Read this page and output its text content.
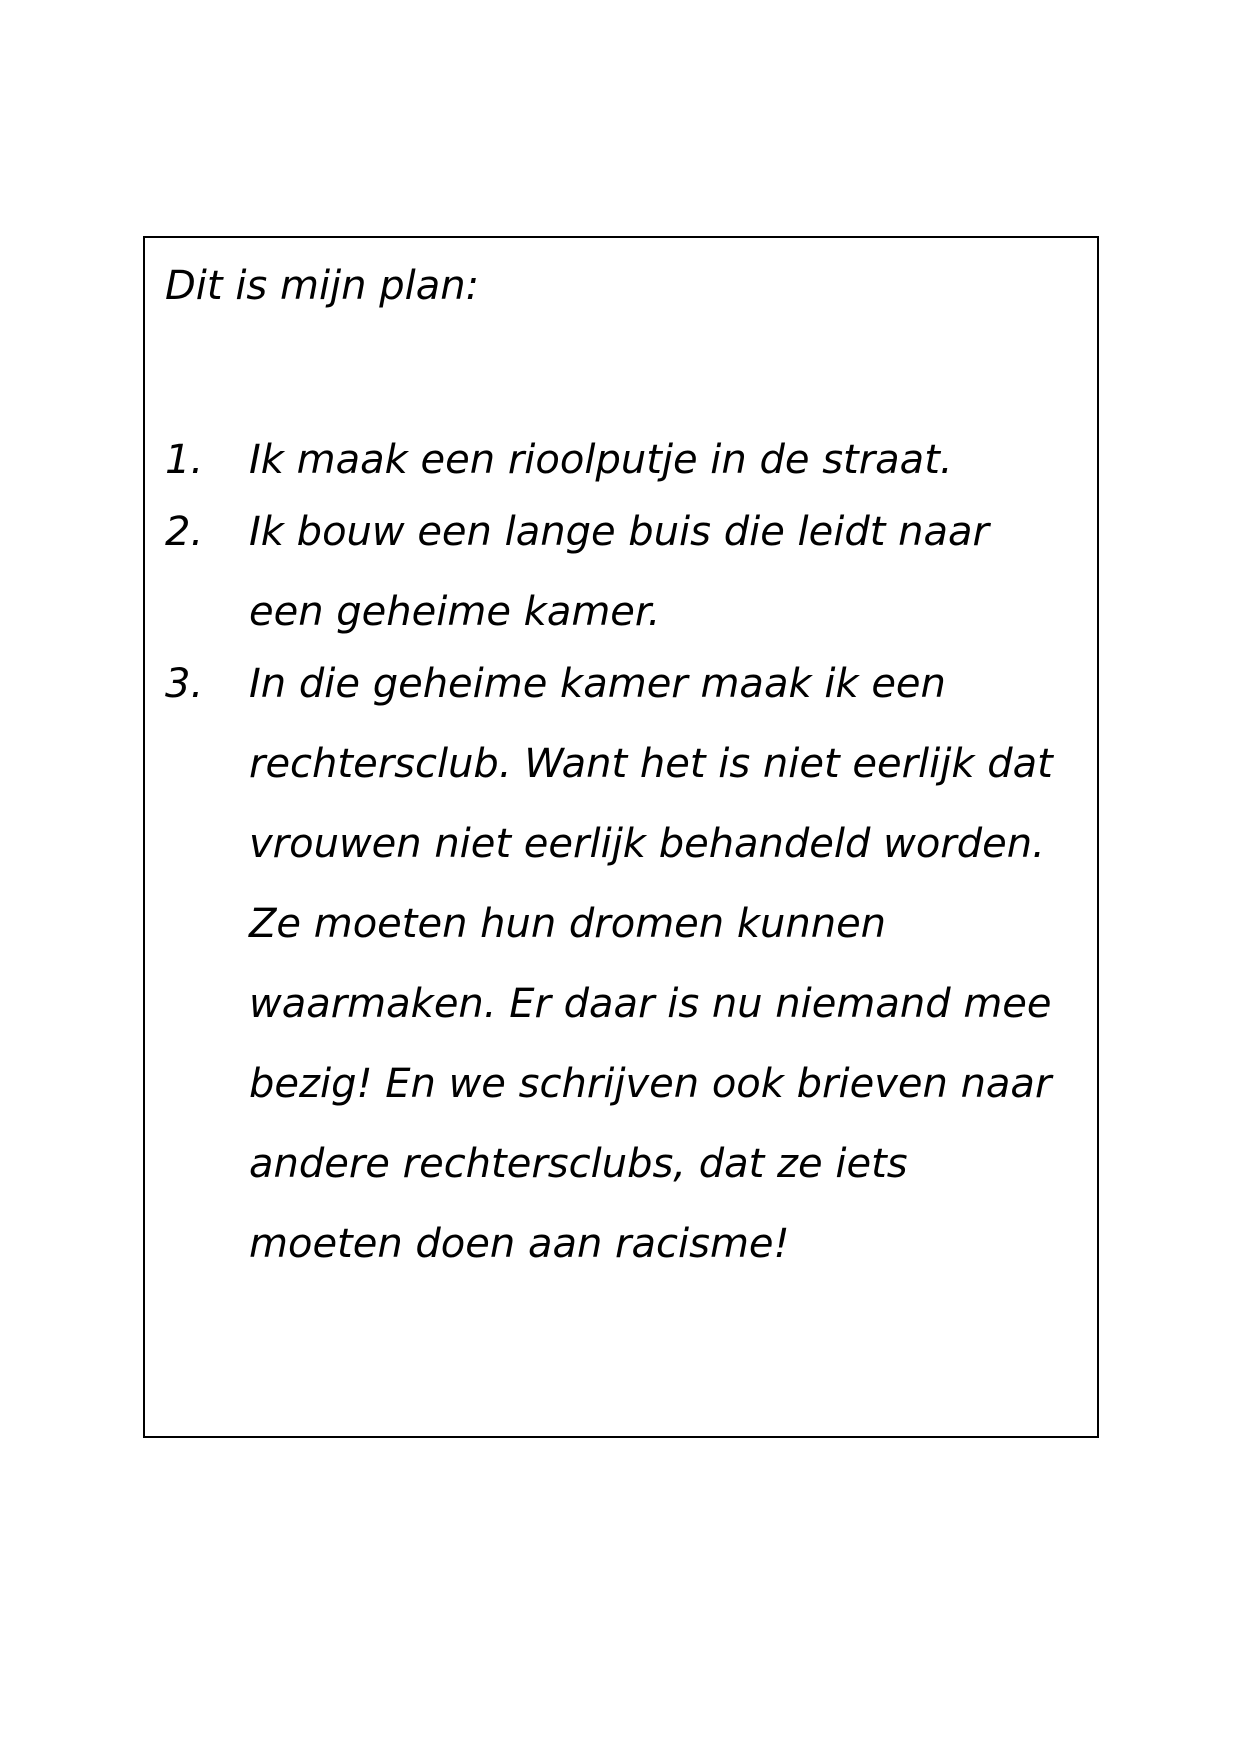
Dit is mijn plan:
1. Ik maak een rioolputje in de straat.
2. Ik bouw een lange buis die leidt naar een geheime kamer.
3. In die geheime kamer maak ik een rechtersclub. Want het is niet eerlijk dat vrouwen niet eerlijk behandeld worden. Ze moeten hun dromen kunnen waarmaken. Er daar is nu niemand mee bezig! En we schrijven ook brieven naar andere rechtersclubs, dat ze iets moeten doen aan racisme!
